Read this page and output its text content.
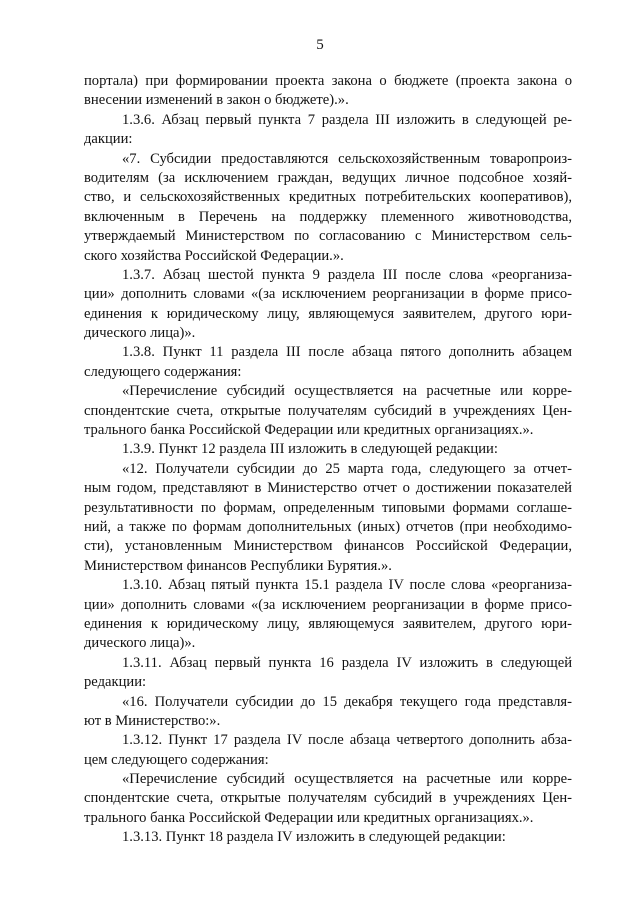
5
портала) при формировании проекта закона о бюджете (проекта закона о
внесении изменений в закон о бюджете).».
1.3.6. Абзац первый пункта 7 раздела III изложить в следующей ре-
дакции:
«7. Субсидии предоставляются сельскохозяйственным товаропроиз-
водителям (за исключением граждан, ведущих личное подсобное хозяй-
ство, и сельскохозяйственных кредитных потребительских кооперативов),
включенным в Перечень на поддержку племенного животноводства,
утверждаемый Министерством по согласованию с Министерством сель-
ского хозяйства Российской Федерации.».
1.3.7. Абзац шестой пункта 9 раздела III после слова «реорганиза-
ции» дополнить словами «(за исключением реорганизации в форме присо-
единения к юридическому лицу, являющемуся заявителем, другого юри-
дического лица)».
1.3.8. Пункт 11 раздела III после абзаца пятого дополнить абзацем
следующего содержания:
«Перечисление субсидий осуществляется на расчетные или корре-
спондентские счета, открытые получателям субсидий в учреждениях Цен-
трального банка Российской Федерации или кредитных организациях.».
1.3.9. Пункт 12 раздела III изложить в следующей редакции:
«12. Получатели субсидии до 25 марта года, следующего за отчет-
ным годом, представляют в Министерство отчет о достижении показателей
результативности по формам, определенным типовыми формами соглаше-
ний, а также по формам дополнительных (иных) отчетов (при необходимо-
сти), установленным Министерством финансов Российской Федерации,
Министерством финансов Республики Бурятия.».
1.3.10. Абзац пятый пункта 15.1 раздела IV после слова «реорганиза-
ции» дополнить словами «(за исключением реорганизации в форме присо-
единения к юридическому лицу, являющемуся заявителем, другого юри-
дического лица)».
1.3.11. Абзац первый пункта 16 раздела IV изложить в следующей
редакции:
«16. Получатели субсидии до 15 декабря текущего года представля-
ют в Министерство:».
1.3.12. Пункт 17 раздела IV после абзаца четвертого дополнить абза-
цем следующего содержания:
«Перечисление субсидий осуществляется на расчетные или корре-
спондентские счета, открытые получателям субсидий в учреждениях Цен-
трального банка Российской Федерации или кредитных организациях.».
1.3.13. Пункт 18 раздела IV изложить в следующей редакции:
